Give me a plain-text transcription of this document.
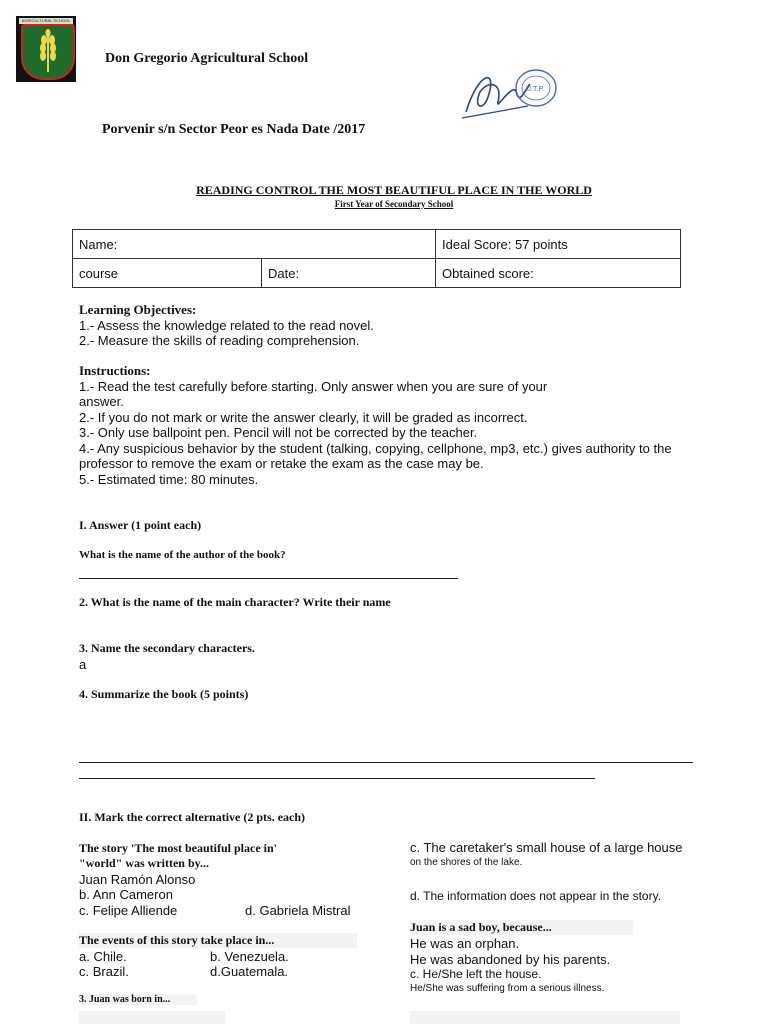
AGRICULTURAL SCHOOL
Don Gregorio Agricultural School
U.T.P.
Porvenir s/n Sector Peor es Nada Date /2017
READING CONTROL THE MOST BEAUTIFUL PLACE IN THE WORLD
First Year of Secondary School
Name:		Ideal Score: 57 points
course	Date:	Obtained score:
Learning Objectives:
1.- Assess the knowledge related to the read novel.
2.- Measure the skills of reading comprehension.
Instructions:
1.- Read the test carefully before starting. Only answer when you are sure of your
answer.
2.- If you do not mark or write the answer clearly, it will be graded as incorrect.
3.- Only use ballpoint pen. Pencil will not be corrected by the teacher.
4.- Any suspicious behavior by the student (talking, copying, cellphone, mp3, etc.) gives authority to the
professor to remove the exam or retake the exam as the case may be.
5.- Estimated time: 80 minutes.
I. Answer (1 point each)
What is the name of the author of the book?
2. What is the name of the main character? Write their name
3. Name the secondary characters.
a
4. Summarize the book (5 points)
II. Mark the correct alternative (2 pts. each)
The story 'The most beautiful place in'
"world" was written by...
Juan Ramón Alonso
b. Ann Cameron
c. Felipe Alliende	d. Gabriela Mistral
The events of this story take place in...
a. Chile.	b. Venezuela.
c. Brazil.	d.Guatemala.
3. Juan was born in...
c. The caretaker's small house of a large house
on the shores of the lake.
d. The information does not appear in the story.
Juan is a sad boy, because...
He was an orphan.
He was abandoned by his parents.
c. He/She left the house.
He/She was suffering from a serious illness.
